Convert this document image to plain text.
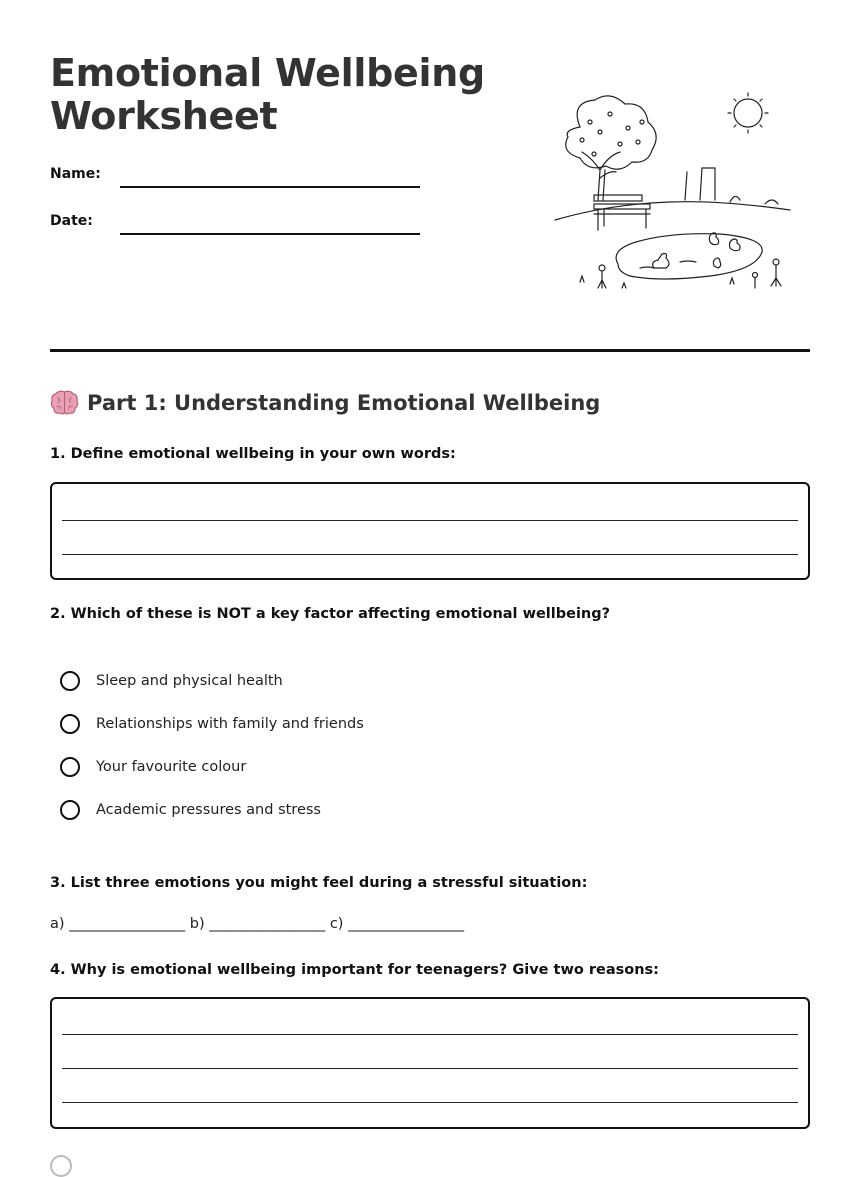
Emotional Wellbeing
Worksheet
Name:
Date:
Part 1: Understanding Emotional Wellbeing

1. Define emotional wellbeing in your own words:

2. Which of these is NOT a key factor affecting emotional wellbeing?

Sleep and physical health
Relationships with family and friends
Your favourite colour
Academic pressures and stress

3. List three emotions you might feel during a stressful situation:

a) ________________ b) ________________ c) ________________

4. Why is emotional wellbeing important for teenagers? Give two reasons:
